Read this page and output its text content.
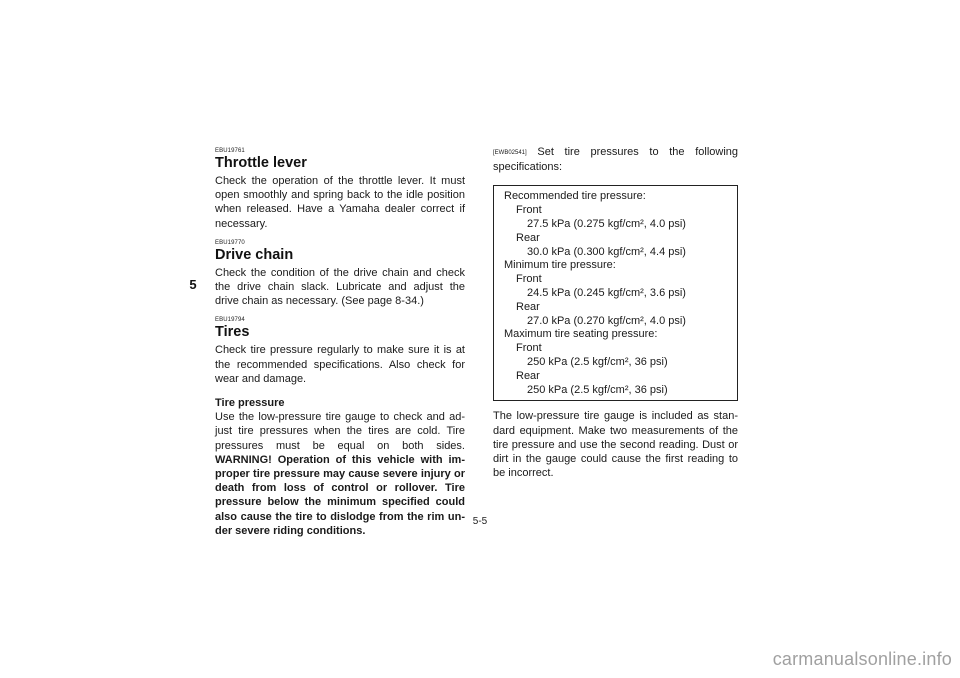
5

EBU19761

Throttle lever

Check the operation of the throttle lever. It must open smoothly and spring back to the idle position when released. Have a Yamaha dealer correct if necessary.

EBU19770

Drive chain

Check the condition of the drive chain and check the drive chain slack. Lubricate and adjust the drive chain as necessary. (See page 8-34.)

EBU19794

Tires

Check tire pressure regularly to make sure it is at the recommended specifications. Also check for wear and damage.

Tire pressure

Use the low-pressure tire gauge to check and ad- just tire pressures when the tires are cold. Tire pressures must be equal on both sides. WARNING! Operation of this vehicle with im- proper tire pressure may cause severe injury or death from loss of control or rollover. Tire pressure below the minimum specified could also cause the tire to dislodge from the rim un- der severe riding conditions.

[EWB02541] Set tire pressures to the following specifications:

Recommended tire pressure:
Front
27.5 kPa (0.275 kgf/cm², 4.0 psi)
Rear
30.0 kPa (0.300 kgf/cm², 4.4 psi)
Minimum tire pressure:
Front
24.5 kPa (0.245 kgf/cm², 3.6 psi)
Rear
27.0 kPa (0.270 kgf/cm², 4.0 psi)
Maximum tire seating pressure:
Front
250 kPa (2.5 kgf/cm², 36 psi)
Rear
250 kPa (2.5 kgf/cm², 36 psi)

The low-pressure tire gauge is included as stan- dard equipment. Make two measurements of the tire pressure and use the second reading. Dust or dirt in the gauge could cause the first reading to be incorrect.

5-5
carmanualsonline.info
